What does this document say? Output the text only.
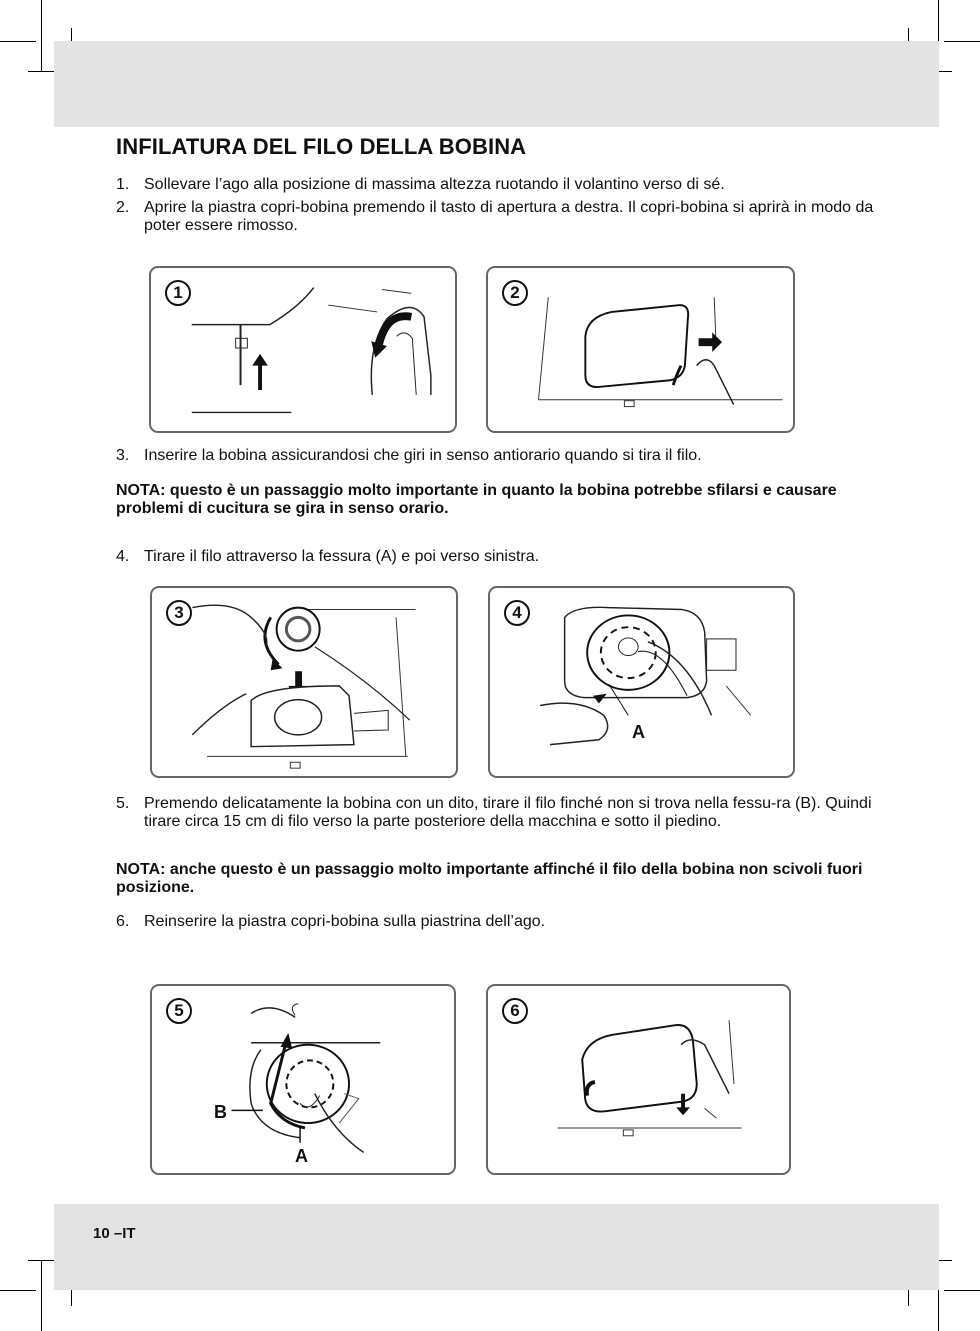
INFILATURA DEL FILO DELLA BOBINA
1. Sollevare l’ago alla posizione di massima altezza ruotando il volantino verso di sé.
2. Aprire la piastra copri-bobina premendo il tasto di apertura a destra. Il copri-bobina si aprirà in modo da poter essere rimosso.
1	2
3. Inserire la bobina assicurandosi che giri in senso antiorario quando si tira il filo.
NOTA: questo è un passaggio molto importante in quanto la bobina potrebbe sfilarsi e causare problemi di cucitura se gira in senso orario.
4. Tirare il filo attraverso la fessura (A) e poi verso sinistra.
3	4
A
5. Premendo delicatamente la bobina con un dito, tirare il filo finché non si trova nella fessu-ra (B). Quindi tirare circa 15 cm di filo verso la parte posteriore della macchina e sotto il piedino.
NOTA: anche questo è un passaggio molto importante affinché il filo della bobina non scivoli fuori posizione.
6. Reinserire la piastra copri-bobina sulla piastrina dell’ago.
5
B
A
6
10 –IT
